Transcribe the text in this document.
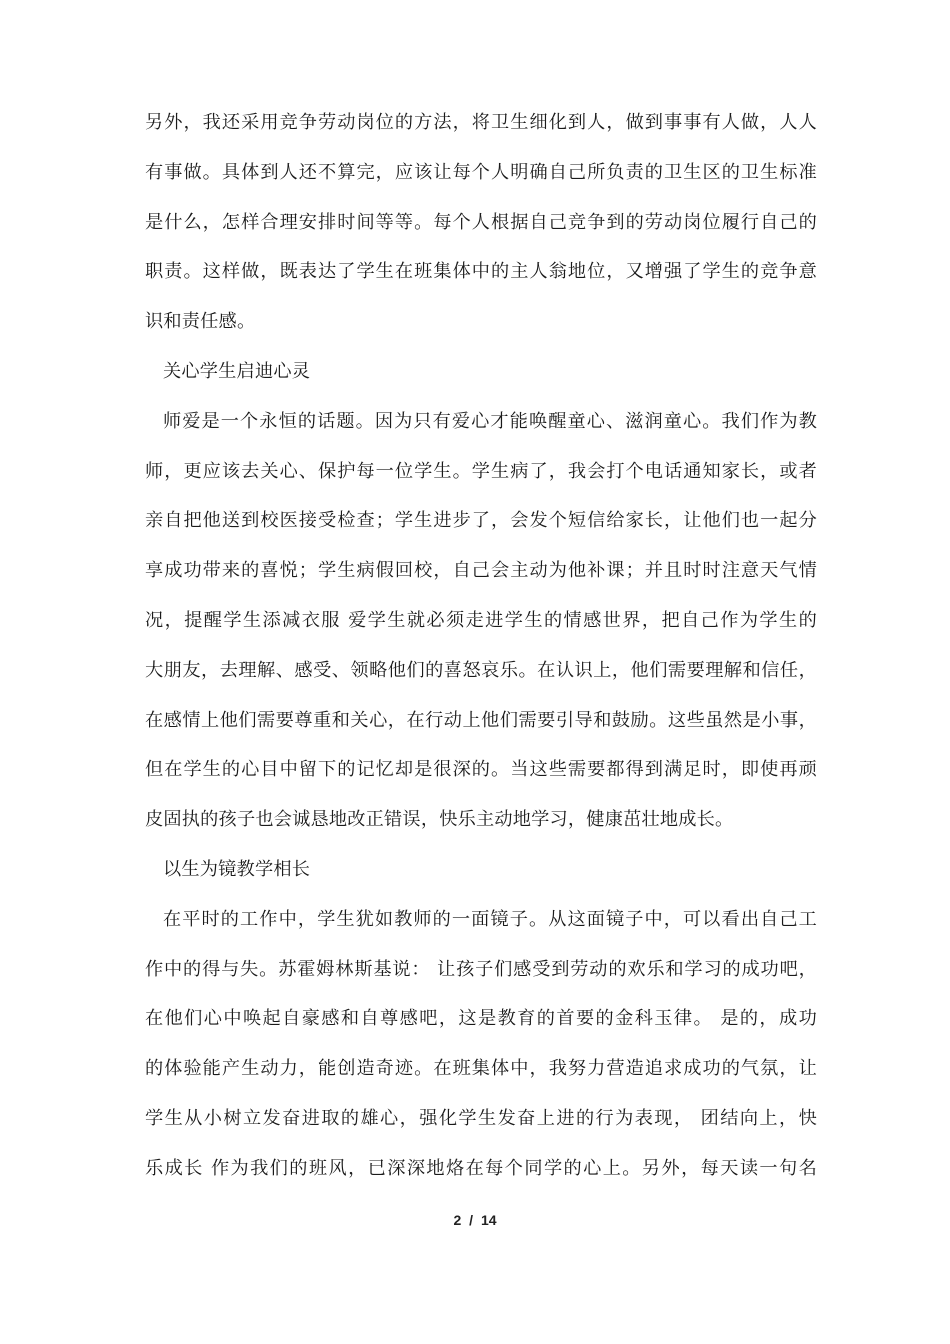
另外，我还采用竞争劳动岗位的方法，将卫生细化到人，做到事事有人做，人人
有事做。具体到人还不算完，应该让每个人明确自己所负责的卫生区的卫生标准
是什么，怎样合理安排时间等等。每个人根据自己竞争到的劳动岗位履行自己的
职责。这样做，既表达了学生在班集体中的主人翁地位，又增强了学生的竞争意
识和责任感。
关心学生启迪心灵
师爱是一个永恒的话题。因为只有爱心才能唤醒童心、滋润童心。我们作为教
师，更应该去关心、保护每一位学生。学生病了，我会打个电话通知家长，或者
亲自把他送到校医接受检查；学生进步了，会发个短信给家长，让他们也一起分
享成功带来的喜悦；学生病假回校，自己会主动为他补课；并且时时注意天气情
况，提醒学生添减衣服 爱学生就必须走进学生的情感世界，把自己作为学生的
大朋友，去理解、感受、领略他们的喜怒哀乐。在认识上，他们需要理解和信任，
在感情上他们需要尊重和关心，在行动上他们需要引导和鼓励。这些虽然是小事，
但在学生的心目中留下的记忆却是很深的。当这些需要都得到满足时，即使再顽
皮固执的孩子也会诚恳地改正错误，快乐主动地学习，健康茁壮地成长。
以生为镜教学相长
在平时的工作中，学生犹如教师的一面镜子。从这面镜子中，可以看出自己工
作中的得与失。苏霍姆林斯基说： 让孩子们感受到劳动的欢乐和学习的成功吧，
在他们心中唤起自豪感和自尊感吧，这是教育的首要的金科玉律。 是的，成功
的体验能产生动力，能创造奇迹。在班集体中，我努力营造追求成功的气氛，让
学生从小树立发奋进取的雄心，强化学生发奋上进的行为表现， 团结向上，快
乐成长 作为我们的班风，已深深地烙在每个同学的心上。另外，每天读一句名
2 / 14
